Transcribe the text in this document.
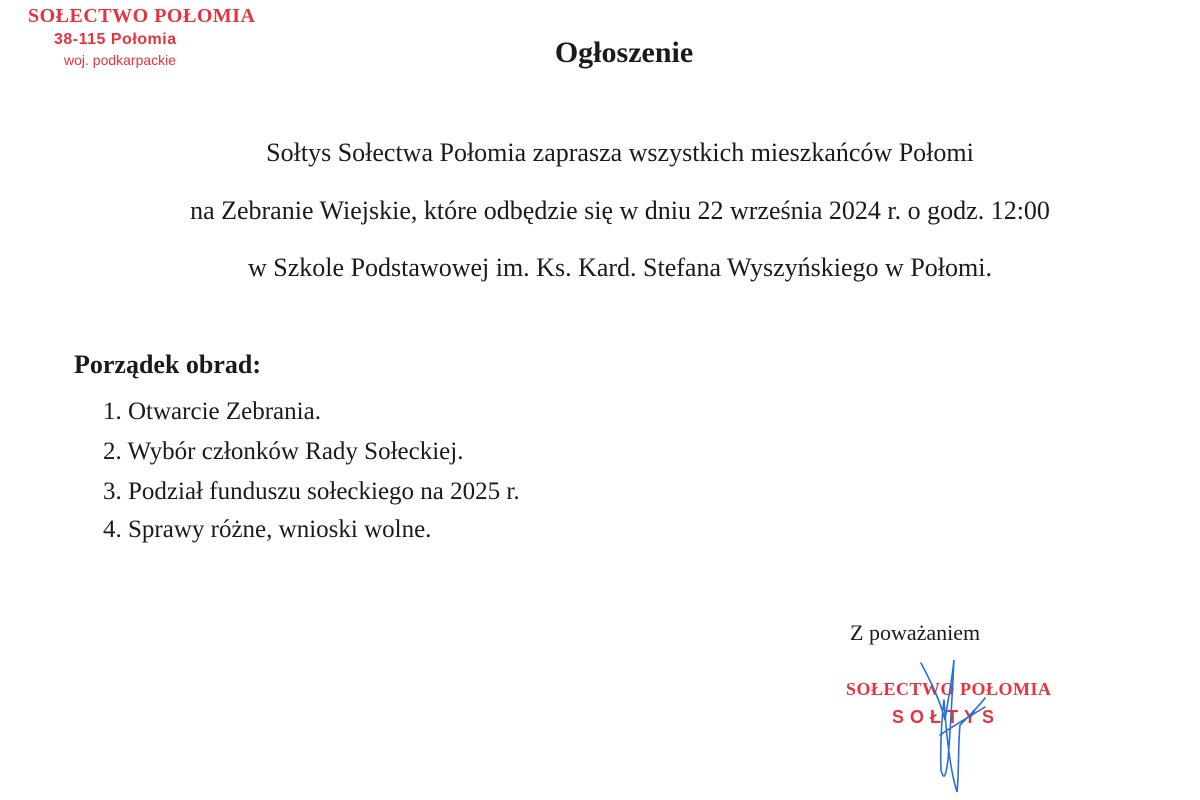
SOŁECTWO POŁOMIA
38-115 Połomia
woj. podkarpackie	Ogłoszenie
Sołtys Sołectwa Połomia zaprasza wszystkich mieszkańców Połomi
na Zebranie Wiejskie, które odbędzie się w dniu 22 września 2024 r. o godz. 12:00
w Szkole Podstawowej im. Ks. Kard. Stefana Wyszyńskiego w Połomi.
Porządek obrad:
1. Otwarcie Zebrania.
2. Wybór członków Rady Sołeckiej.
3. Podział funduszu sołeckiego na 2025 r.
4. Sprawy różne, wnioski wolne.
Z poważaniem
SOŁECTWO POŁOMIA
SOŁTYS
